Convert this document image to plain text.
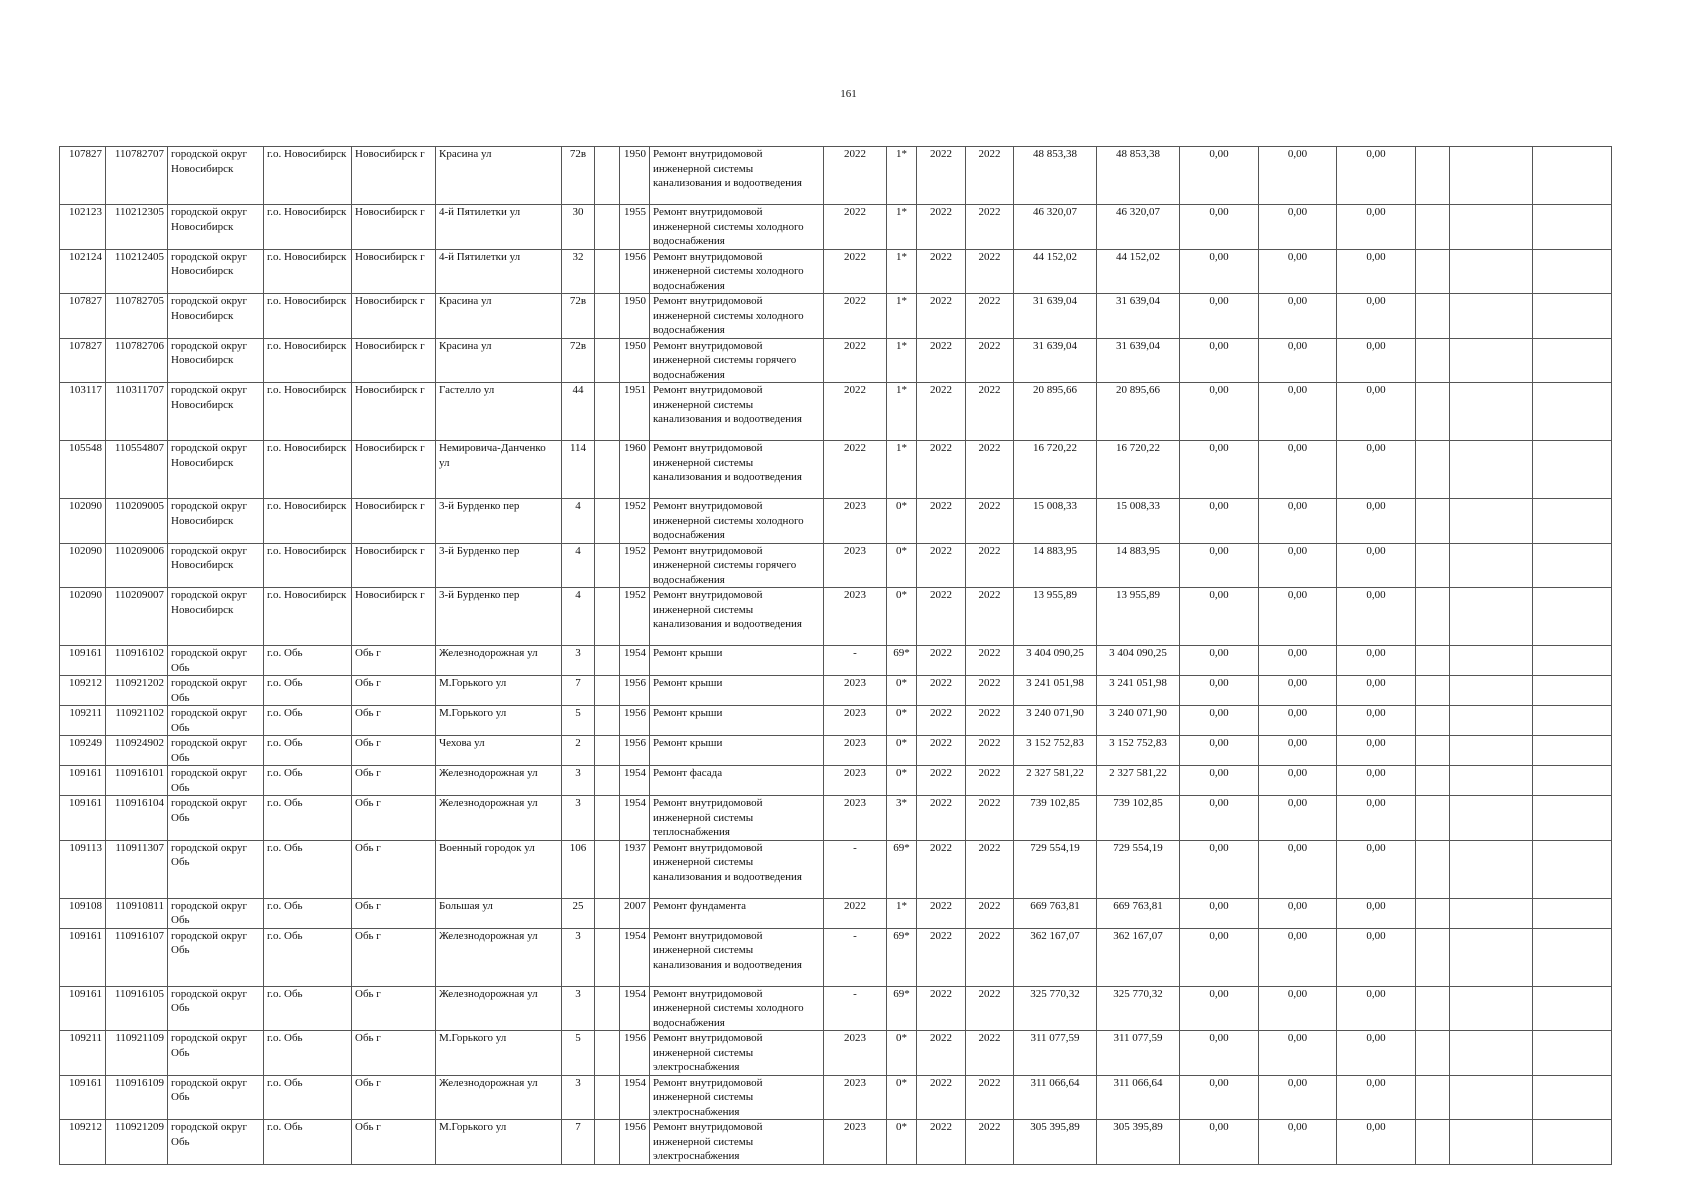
161
107827	110782707	городской округ Новосибирск	г.о. Новосибирск	Новосибирск г	Красина ул	72в		1950	Ремонт внутридомовой инженерной системы канализования и водоотведения	2022	1*	2022	2022	48 853,38	48 853,38	0,00	0,00	0,00			
102123	110212305	городской округ Новосибирск	г.о. Новосибирск	Новосибирск г	4-й Пятилетки ул	30		1955	Ремонт внутридомовой инженерной системы холодного водоснабжения	2022	1*	2022	2022	46 320,07	46 320,07	0,00	0,00	0,00			
102124	110212405	городской округ Новосибирск	г.о. Новосибирск	Новосибирск г	4-й Пятилетки ул	32		1956	Ремонт внутридомовой инженерной системы холодного водоснабжения	2022	1*	2022	2022	44 152,02	44 152,02	0,00	0,00	0,00			
107827	110782705	городской округ Новосибирск	г.о. Новосибирск	Новосибирск г	Красина ул	72в		1950	Ремонт внутридомовой инженерной системы холодного водоснабжения	2022	1*	2022	2022	31 639,04	31 639,04	0,00	0,00	0,00			
107827	110782706	городской округ Новосибирск	г.о. Новосибирск	Новосибирск г	Красина ул	72в		1950	Ремонт внутридомовой инженерной системы горячего водоснабжения	2022	1*	2022	2022	31 639,04	31 639,04	0,00	0,00	0,00			
103117	110311707	городской округ Новосибирск	г.о. Новосибирск	Новосибирск г	Гастелло ул	44		1951	Ремонт внутридомовой инженерной системы канализования и водоотведения	2022	1*	2022	2022	20 895,66	20 895,66	0,00	0,00	0,00			
105548	110554807	городской округ Новосибирск	г.о. Новосибирск	Новосибирск г	Немировича-Данченко ул	114		1960	Ремонт внутридомовой инженерной системы канализования и водоотведения	2022	1*	2022	2022	16 720,22	16 720,22	0,00	0,00	0,00			
102090	110209005	городской округ Новосибирск	г.о. Новосибирск	Новосибирск г	3-й Бурденко пер	4		1952	Ремонт внутридомовой инженерной системы холодного водоснабжения	2023	0*	2022	2022	15 008,33	15 008,33	0,00	0,00	0,00			
102090	110209006	городской округ Новосибирск	г.о. Новосибирск	Новосибирск г	3-й Бурденко пер	4		1952	Ремонт внутридомовой инженерной системы горячего водоснабжения	2023	0*	2022	2022	14 883,95	14 883,95	0,00	0,00	0,00			
102090	110209007	городской округ Новосибирск	г.о. Новосибирск	Новосибирск г	3-й Бурденко пер	4		1952	Ремонт внутридомовой инженерной системы канализования и водоотведения	2023	0*	2022	2022	13 955,89	13 955,89	0,00	0,00	0,00			
109161	110916102	городской округ Обь	г.о. Обь	Обь г	Железнодорожная ул	3		1954	Ремонт крыши	-	69*	2022	2022	3 404 090,25	3 404 090,25	0,00	0,00	0,00			
109212	110921202	городской округ Обь	г.о. Обь	Обь г	М.Горького ул	7		1956	Ремонт крыши	2023	0*	2022	2022	3 241 051,98	3 241 051,98	0,00	0,00	0,00			
109211	110921102	городской округ Обь	г.о. Обь	Обь г	М.Горького ул	5		1956	Ремонт крыши	2023	0*	2022	2022	3 240 071,90	3 240 071,90	0,00	0,00	0,00			
109249	110924902	городской округ Обь	г.о. Обь	Обь г	Чехова ул	2		1956	Ремонт крыши	2023	0*	2022	2022	3 152 752,83	3 152 752,83	0,00	0,00	0,00			
109161	110916101	городской округ Обь	г.о. Обь	Обь г	Железнодорожная ул	3		1954	Ремонт фасада	2023	0*	2022	2022	2 327 581,22	2 327 581,22	0,00	0,00	0,00			
109161	110916104	городской округ Обь	г.о. Обь	Обь г	Железнодорожная ул	3		1954	Ремонт внутридомовой инженерной системы теплоснабжения	2023	3*	2022	2022	739 102,85	739 102,85	0,00	0,00	0,00			
109113	110911307	городской округ Обь	г.о. Обь	Обь г	Военный городок ул	106		1937	Ремонт внутридомовой инженерной системы канализования и водоотведения	-	69*	2022	2022	729 554,19	729 554,19	0,00	0,00	0,00			
109108	110910811	городской округ Обь	г.о. Обь	Обь г	Большая ул	25		2007	Ремонт фундамента	2022	1*	2022	2022	669 763,81	669 763,81	0,00	0,00	0,00			
109161	110916107	городской округ Обь	г.о. Обь	Обь г	Железнодорожная ул	3		1954	Ремонт внутридомовой инженерной системы канализования и водоотведения	-	69*	2022	2022	362 167,07	362 167,07	0,00	0,00	0,00			
109161	110916105	городской округ Обь	г.о. Обь	Обь г	Железнодорожная ул	3		1954	Ремонт внутридомовой инженерной системы холодного водоснабжения	-	69*	2022	2022	325 770,32	325 770,32	0,00	0,00	0,00			
109211	110921109	городской округ Обь	г.о. Обь	Обь г	М.Горького ул	5		1956	Ремонт внутридомовой инженерной системы электроснабжения	2023	0*	2022	2022	311 077,59	311 077,59	0,00	0,00	0,00			
109161	110916109	городской округ Обь	г.о. Обь	Обь г	Железнодорожная ул	3		1954	Ремонт внутридомовой инженерной системы электроснабжения	2023	0*	2022	2022	311 066,64	311 066,64	0,00	0,00	0,00			
109212	110921209	городской округ Обь	г.о. Обь	Обь г	М.Горького ул	7		1956	Ремонт внутридомовой инженерной системы электроснабжения	2023	0*	2022	2022	305 395,89	305 395,89	0,00	0,00	0,00			
